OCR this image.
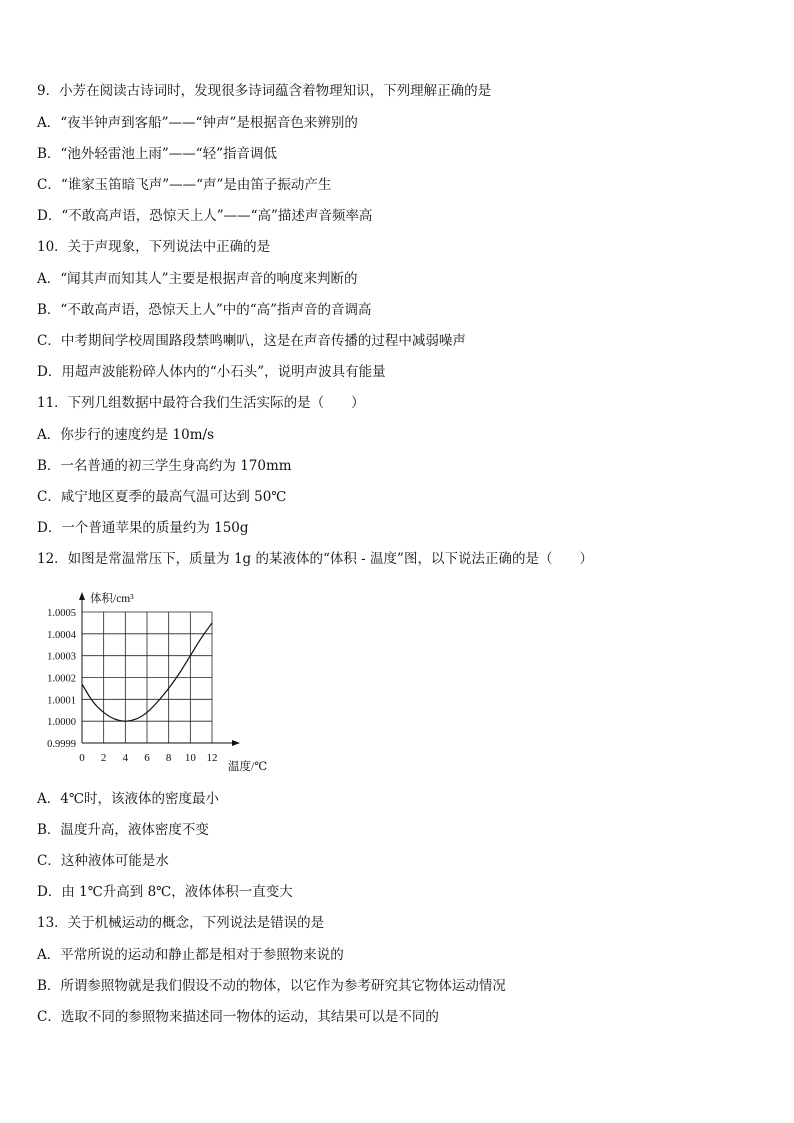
9．小芳在阅读古诗词时，发现很多诗词蕴含着物理知识，下列理解正确的是
A．“夜半钟声到客船”——“钟声”是根据音色来辨别的
B．“池外轻雷池上雨”——“轻”指音调低
C．“谁家玉笛暗飞声”——“声”是由笛子振动产生
D．“不敢高声语，恐惊天上人”——“高”描述声音频率高
10．关于声现象，下列说法中正确的是
A．“闻其声而知其人”主要是根据声音的响度来判断的
B．“不敢高声语，恐惊天上人”中的“高”指声音的音调高
C．中考期间学校周围路段禁鸣喇叭，这是在声音传播的过程中减弱噪声
D．用超声波能粉碎人体内的“小石头”，说明声波具有能量
11．下列几组数据中最符合我们生活实际的是（　　）
A．你步行的速度约是 10m/s
B．一名普通的初三学生身高约为 170mm
C．咸宁地区夏季的最高气温可达到 50℃
D．一个普通苹果的质量约为 150g
12．如图是常温常压下，质量为 1g 的某液体的“体积 - 温度”图，以下说法正确的是（　　）
0 2 4 6 8 10 12
0.9999
1.0000
1.0001
1.0002
1.0003
1.0004
1.0005
体积/cm³
温度/℃
A．4℃时，该液体的密度最小
B．温度升高，液体密度不变
C．这种液体可能是水
D．由 1℃升高到 8℃，液体体积一直变大
13．关于机械运动的概念，下列说法是错误的是
A．平常所说的运动和静止都是相对于参照物来说的
B．所谓参照物就是我们假设不动的物体，以它作为参考研究其它物体运动情况
C．选取不同的参照物来描述同一物体的运动，其结果可以是不同的
